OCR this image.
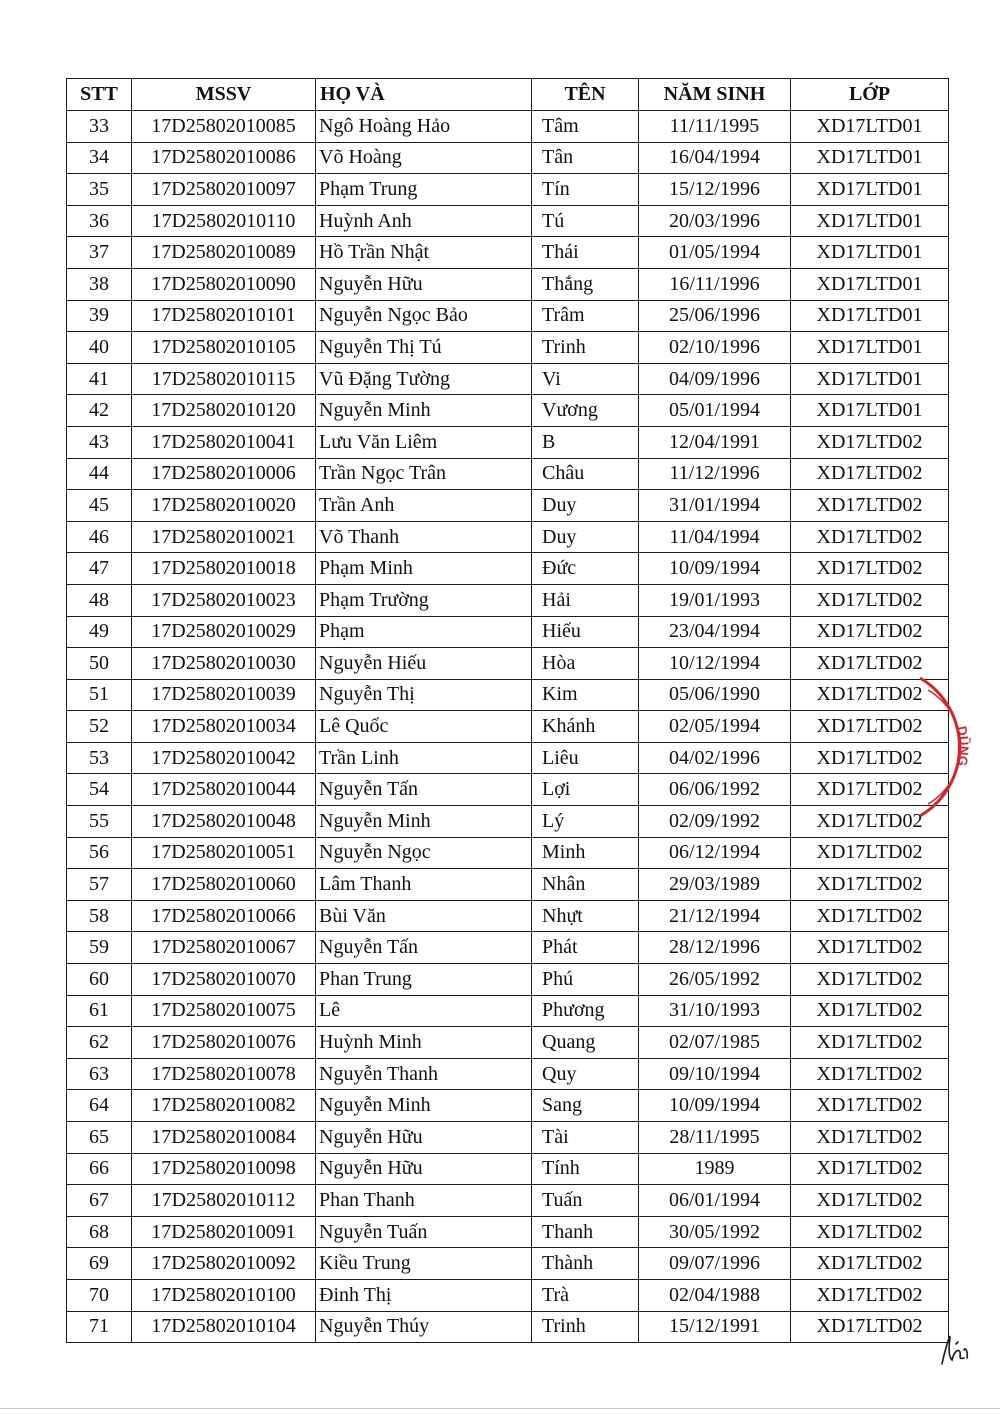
STT	MSSV	HỌ VÀ	TÊN	NĂM SINH	LỚP
33	17D25802010085	Ngô Hoàng Hảo	Tâm	11/11/1995	XD17LTD01
34	17D25802010086	Võ Hoàng	Tân	16/04/1994	XD17LTD01
35	17D25802010097	Phạm Trung	Tín	15/12/1996	XD17LTD01
36	17D25802010110	Huỳnh Anh	Tú	20/03/1996	XD17LTD01
37	17D25802010089	Hồ Trần Nhật	Thái	01/05/1994	XD17LTD01
38	17D25802010090	Nguyễn Hữu	Thắng	16/11/1996	XD17LTD01
39	17D25802010101	Nguyễn Ngọc Bảo	Trâm	25/06/1996	XD17LTD01
40	17D25802010105	Nguyễn Thị Tú	Trinh	02/10/1996	XD17LTD01
41	17D25802010115	Vũ Đặng Tường	Vi	04/09/1996	XD17LTD01
42	17D25802010120	Nguyễn Minh	Vương	05/01/1994	XD17LTD01
43	17D25802010041	Lưu Văn Liêm	B	12/04/1991	XD17LTD02
44	17D25802010006	Trần Ngọc Trân	Châu	11/12/1996	XD17LTD02
45	17D25802010020	Trần Anh	Duy	31/01/1994	XD17LTD02
46	17D25802010021	Võ Thanh	Duy	11/04/1994	XD17LTD02
47	17D25802010018	Phạm Minh	Đức	10/09/1994	XD17LTD02
48	17D25802010023	Phạm Trường	Hải	19/01/1993	XD17LTD02
49	17D25802010029	Phạm	Hiếu	23/04/1994	XD17LTD02
50	17D25802010030	Nguyễn Hiếu	Hòa	10/12/1994	XD17LTD02
51	17D25802010039	Nguyễn Thị	Kim	05/06/1990	XD17LTD02
52	17D25802010034	Lê Quốc	Khánh	02/05/1994	XD17LTD02
53	17D25802010042	Trần Linh	Liêu	04/02/1996	XD17LTD02
54	17D25802010044	Nguyễn Tấn	Lợi	06/06/1992	XD17LTD02
55	17D25802010048	Nguyễn Minh	Lý	02/09/1992	XD17LTD02
56	17D25802010051	Nguyễn Ngọc	Minh	06/12/1994	XD17LTD02
57	17D25802010060	Lâm Thanh	Nhân	29/03/1989	XD17LTD02
58	17D25802010066	Bùi Văn	Nhựt	21/12/1994	XD17LTD02
59	17D25802010067	Nguyễn Tấn	Phát	28/12/1996	XD17LTD02
60	17D25802010070	Phan Trung	Phú	26/05/1992	XD17LTD02
61	17D25802010075	Lê	Phương	31/10/1993	XD17LTD02
62	17D25802010076	Huỳnh Minh	Quang	02/07/1985	XD17LTD02
63	17D25802010078	Nguyễn Thanh	Quy	09/10/1994	XD17LTD02
64	17D25802010082	Nguyễn Minh	Sang	10/09/1994	XD17LTD02
65	17D25802010084	Nguyễn Hữu	Tài	28/11/1995	XD17LTD02
66	17D25802010098	Nguyễn Hữu	Tính	1989	XD17LTD02
67	17D25802010112	Phan Thanh	Tuấn	06/01/1994	XD17LTD02
68	17D25802010091	Nguyễn Tuấn	Thanh	30/05/1992	XD17LTD02
69	17D25802010092	Kiều Trung	Thành	09/07/1996	XD17LTD02
70	17D25802010100	Đinh Thị	Trà	02/04/1988	XD17LTD02
71	17D25802010104	Nguyễn Thúy	Trinh	15/12/1991	XD17LTD02
DŨNG
